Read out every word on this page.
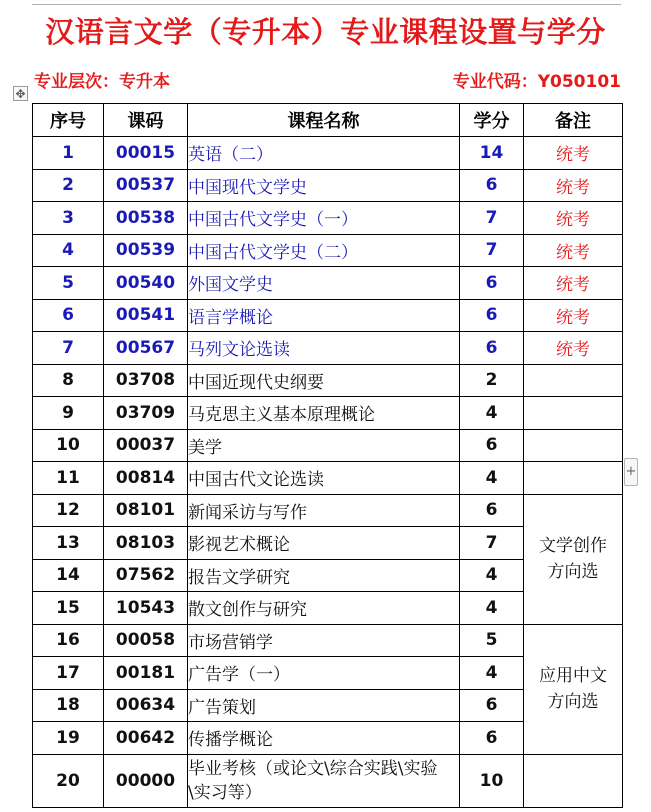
汉语言文学（专升本）专业课程设置与学分
专业层次：专升本	专业代码：Y050101
✥
+
序号	课码	课程名称	学分	备注
1	00015	英语（二）	14	统考
2	00537	中国现代文学史	6	统考
3	00538	中国古代文学史（一）	7	统考
4	00539	中国古代文学史（二）	7	统考
5	00540	外国文学史	6	统考
6	00541	语言学概论	6	统考
7	00567	马列文论选读	6	统考
8	03708	中国近现代史纲要	2	
9	03709	马克思主义基本原理概论	4	
10	00037	美学	6	
11	00814	中国古代文论选读	4	
12	08101	新闻采访与写作	6	文学创作
方向选
13	08103	影视艺术概论	7	
14	07562	报告文学研究	4	
15	10543	散文创作与研究	4	
16	00058	市场营销学	5	应用中文
方向选
17	00181	广告学（一）	4	
18	00634	广告策划	6	
19	00642	传播学概论	6	
20	00000	毕业考核（或论文\综合实践\实验\实习等）	10	
